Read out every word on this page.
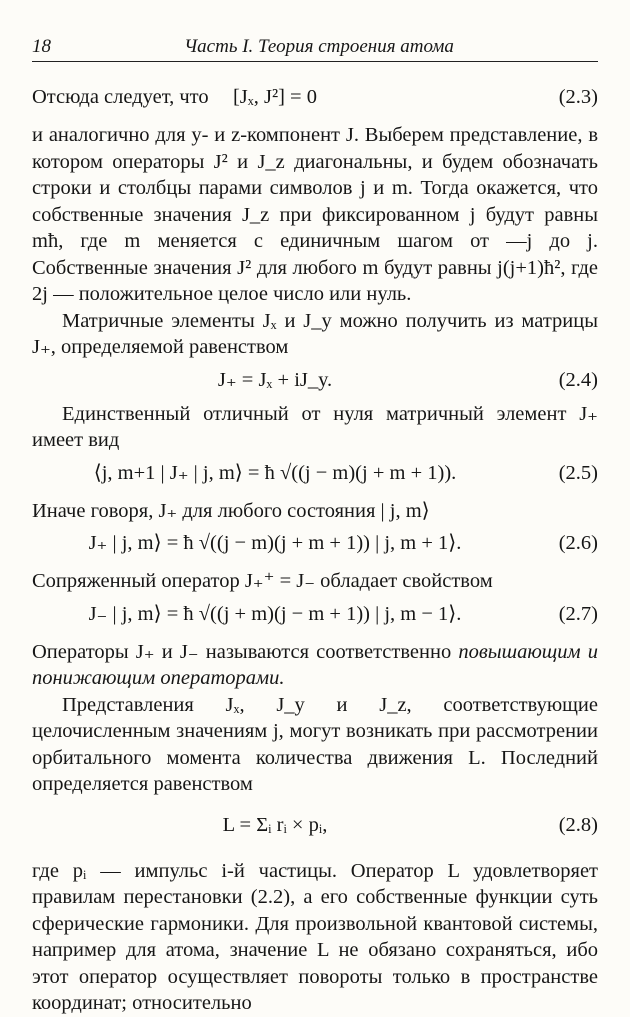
18	Часть I. Теория строения атома
Отсюда следует, что	[Jₓ, J²] = 0	(2.3)

и аналогично для y- и z-компонент J. Выберем представление, в котором операторы J² и J_z диагональны, и будем обозначать строки и столбцы парами символов j и m. Тогда окажется, что собственные значения J_z при фиксированном j будут равны mħ, где m меняется с единичным шагом от —j до j. Собственные значения J² для любого m будут равны j(j+1)ħ², где 2j — положительное целое число или нуль.

Матричные элементы Jₓ и J_y можно получить из матрицы J₊, определяемой равенством

J₊ = Jₓ + iJ_y.	(2.4)

Единственный отличный от нуля матричный элемент J₊ имеет вид

⟨j, m+1 | J₊ | j, m⟩ = ħ √((j − m)(j + m + 1)).	(2.5)

Иначе говоря, J₊ для любого состояния | j, m⟩

J₊ | j, m⟩ = ħ √((j − m)(j + m + 1)) | j, m + 1⟩.	(2.6)

Сопряженный оператор J₊⁺ = J₋ обладает свойством

J₋ | j, m⟩ = ħ √((j + m)(j − m + 1)) | j, m − 1⟩.	(2.7)

Операторы J₊ и J₋ называются соответственно повышающим и понижающим операторами.

Представления Jₓ, J_y и J_z, соответствующие целочисленным значениям j, могут возникать при рассмотрении орбитального момента количества движения L. Последний определяется равенством

L = Σᵢ rᵢ × pᵢ,	(2.8)

где pᵢ — импульс i-й частицы. Оператор L удовлетворяет правилам перестановки (2.2), а его собственные функции суть сферические гармоники. Для произвольной квантовой системы, например для атома, значение L не обязано сохраняться, ибо этот оператор осуществляет повороты только в пространстве координат; относительно
